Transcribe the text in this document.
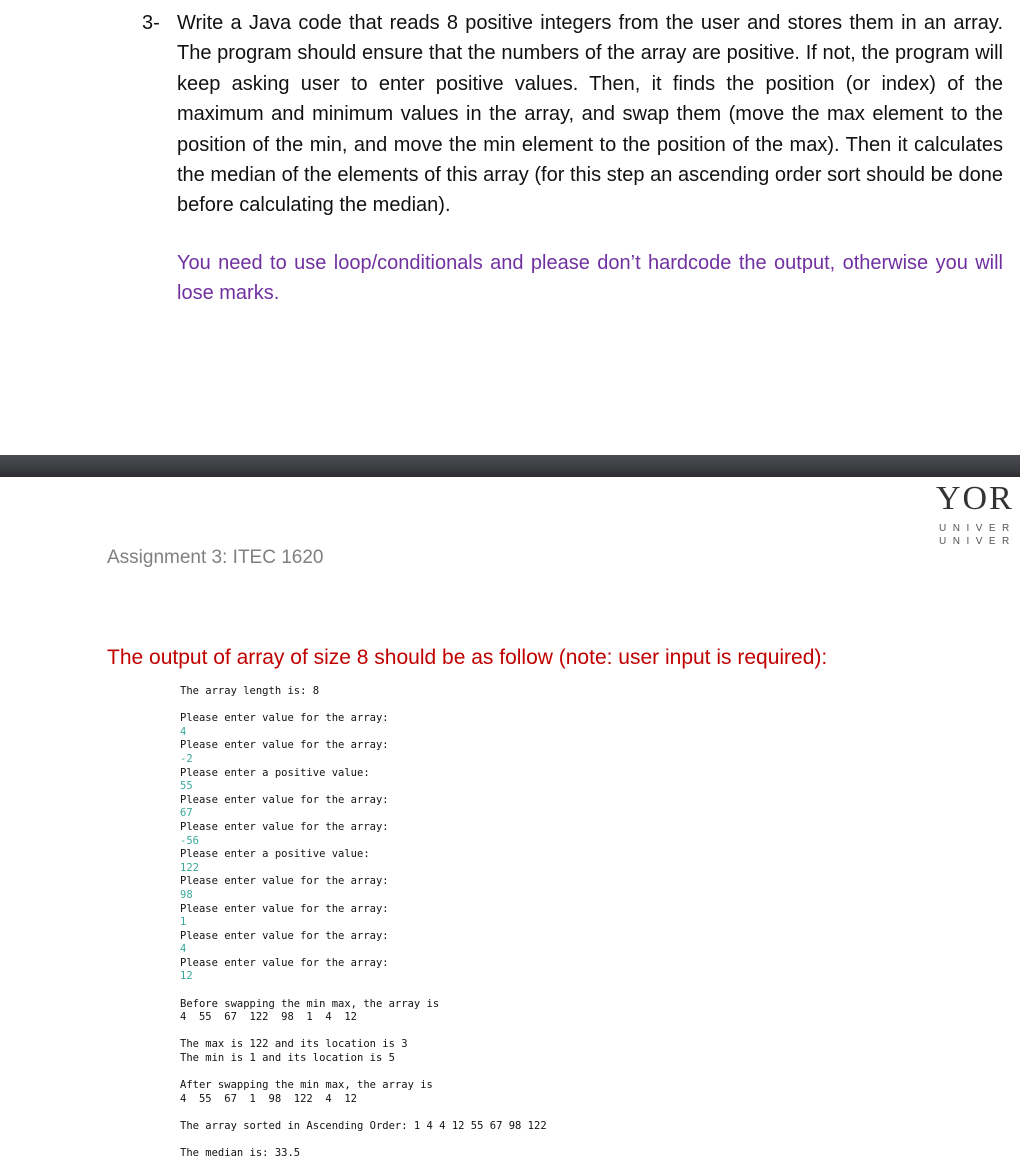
3- Write a Java code that reads 8 positive integers from the user and stores them in an array. The program should ensure that the numbers of the array are positive. If not, the program will keep asking user to enter positive values. Then, it finds the position (or index) of the maximum and minimum values in the array, and swap them (move the max element to the position of the min, and move the min element to the position of the max). Then it calculates the median of the elements of this array (for this step an ascending order sort should be done before calculating the median).
You need to use loop/conditionals and please don’t hardcode the output, otherwise you will lose marks.
YOR
UNIVER
UNIVER
Assignment 3: ITEC 1620
The output of array of size 8 should be as follow (note: user input is required):
The array length is: 8
Please enter value for the array:
4
Please enter value for the array:
-2
Please enter a positive value:
55
Please enter value for the array:
67
Please enter value for the array:
-56
Please enter a positive value:
122
Please enter value for the array:
98
Please enter value for the array:
1
Please enter value for the array:
4
Please enter value for the array:
12
Before swapping the min max, the array is
4  55  67  122  98  1  4  12
The max is 122 and its location is 3
The min is 1 and its location is 5
After swapping the min max, the array is
4  55  67  1  98  122  4  12
The array sorted in Ascending Order: 1 4 4 12 55 67 98 122
The median is: 33.5
